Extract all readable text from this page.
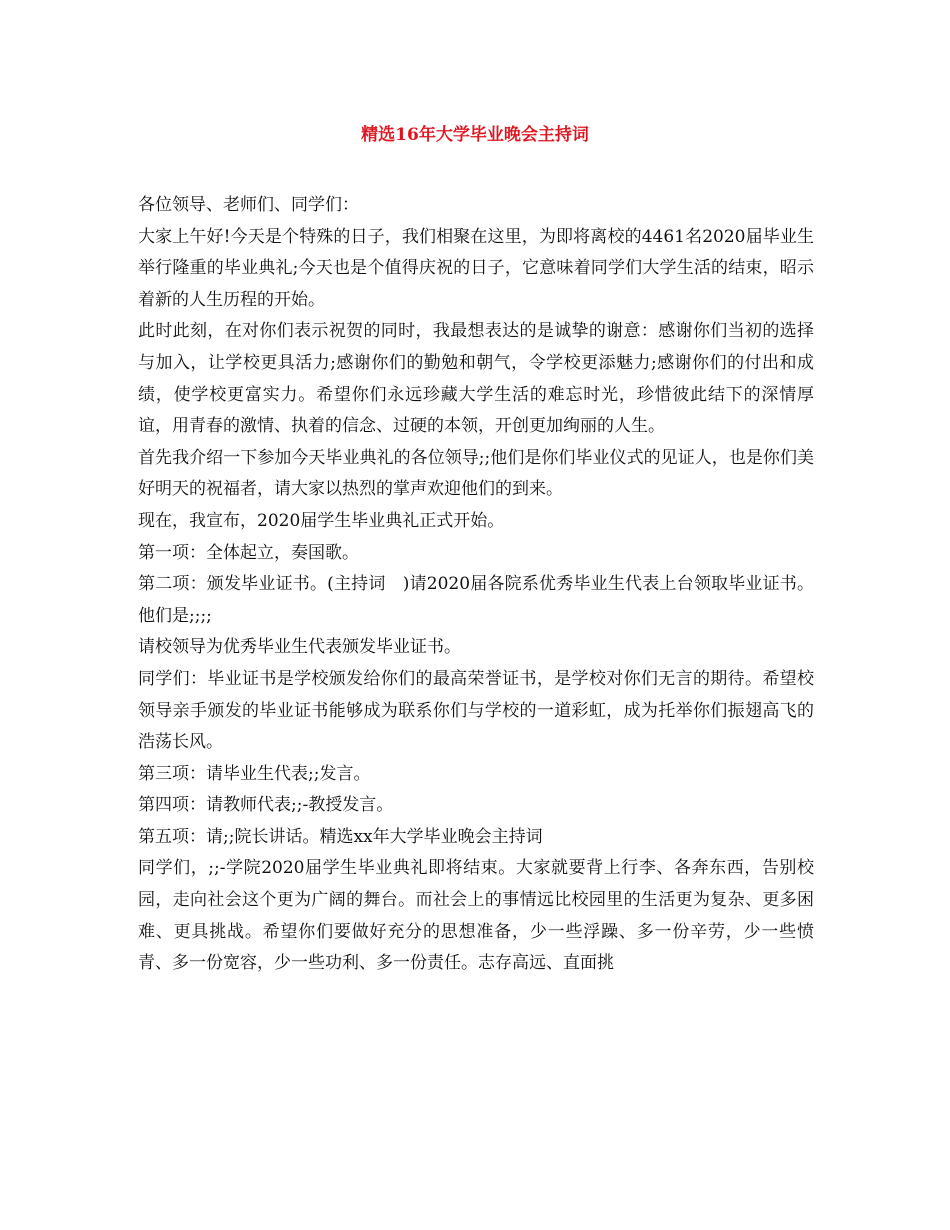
精选16年大学毕业晚会主持词

各位领导、老师们、同学们：

大家上午好!今天是个特殊的日子，我们相聚在这里，为即将离校的4461名2020届毕业生举行隆重的毕业典礼;今天也是个值得庆祝的日子，它意味着同学们大学生活的结束，昭示着新的人生历程的开始。

此时此刻，在对你们表示祝贺的同时，我最想表达的是诚挚的谢意：感谢你们当初的选择与加入，让学校更具活力;感谢你们的勤勉和朝气，令学校更添魅力;感谢你们的付出和成绩，使学校更富实力。希望你们永远珍藏大学生活的难忘时光，珍惜彼此结下的深情厚谊，用青春的激情、执着的信念、过硬的本领，开创更加绚丽的人生。

首先我介绍一下参加今天毕业典礼的各位领导;;他们是你们毕业仪式的见证人，也是你们美好明天的祝福者，请大家以热烈的掌声欢迎他们的到来。

现在，我宣布，2020届学生毕业典礼正式开始。

第一项：全体起立，奏国歌。

第二项：颁发毕业证书。(主持词　)请2020届各院系优秀毕业生代表上台领取毕业证书。他们是;;;;

请校领导为优秀毕业生代表颁发毕业证书。

同学们：毕业证书是学校颁发给你们的最高荣誉证书，是学校对你们无言的期待。希望校领导亲手颁发的毕业证书能够成为联系你们与学校的一道彩虹，成为托举你们振翅高飞的浩荡长风。

第三项：请毕业生代表;;发言。

第四项：请教师代表;;-教授发言。

第五项：请;;院长讲话。精选xx年大学毕业晚会主持词

同学们，;;-学院2020届学生毕业典礼即将结束。大家就要背上行李、各奔东西，告别校园，走向社会这个更为广阔的舞台。而社会上的事情远比校园里的生活更为复杂、更多困难、更具挑战。希望你们要做好充分的思想准备，少一些浮躁、多一份辛劳，少一些愤青、多一份宽容，少一些功利、多一份责任。志存高远、直面挑
